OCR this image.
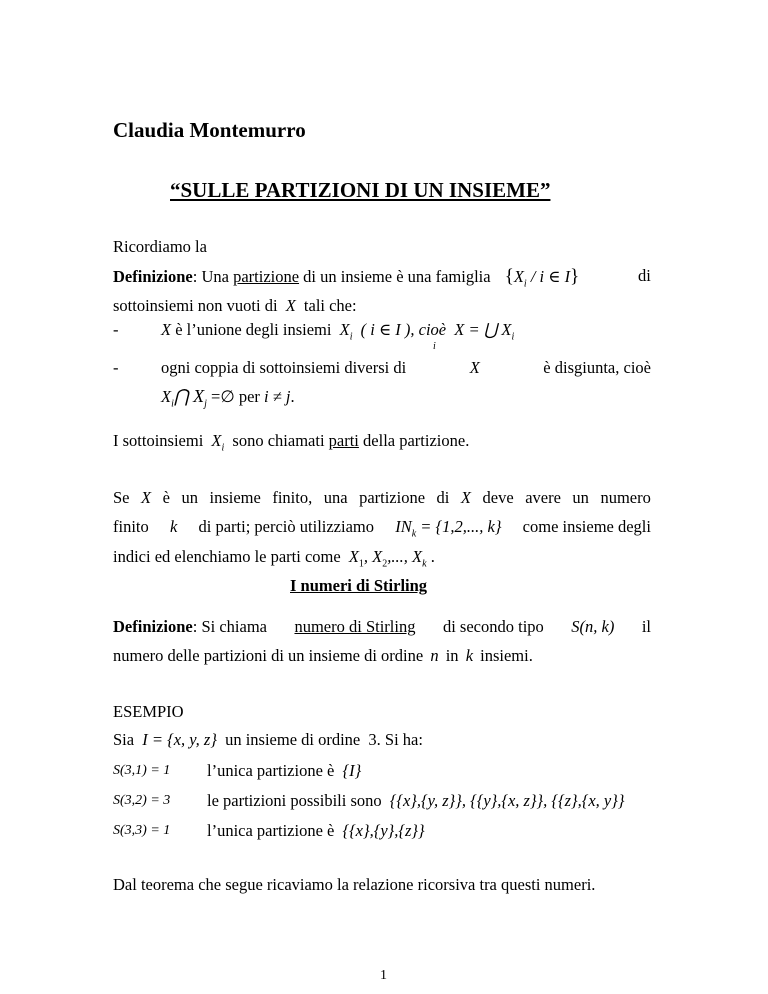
Claudia Montemurro
“SULLE PARTIZIONI DI UN INSIEME”
Ricordiamo la
Definizione: Una partizione di un insieme è una famiglia {$X_i$ / i ∈ I}	di
sottoinsiemi non vuoti di X tali che:
-	X è l’unione degli insiemi $X_i$ ( i ∈ I ), cioè X = ⋃ $X_i$
i
-	ogni coppia di sottoinsiemi diversi di	X	è disgiunta, cioè
$X_i⋂$ $X_j$ =∅ per i ≠ j.
I sottoinsiemi $X_i$ sono chiamati parti della partizione.
Se X è un insieme finito, una partizione di X deve avere un numero
finito k di parti; perciò utilizziamo $IN_k = \{1,2$,..., k} come insieme degli
indici ed elenchiamo le parti come $X_1$, $X_2$,..., $X_k$ .
I numeri di Stirling
Definizione: Si chiama numero di Stirling di secondo tipo S(n, k) il
numero delle partizioni di un insieme di ordine n in k insiemi.
ESEMPIO
Sia I = {x, y, z} un insieme di ordine 3. Si ha:
S(3,1) = 1 l’unica partizione è {I}
S(3,2) = 3 le partizioni possibili sono {{x},{y, z}}, {{y},{x, z}}, {{z},{x, y}}
S(3,3) = 1 l’unica partizione è {{x},{y},{z}}
Dal teorema che segue ricaviamo la relazione ricorsiva tra questi numeri.
1
